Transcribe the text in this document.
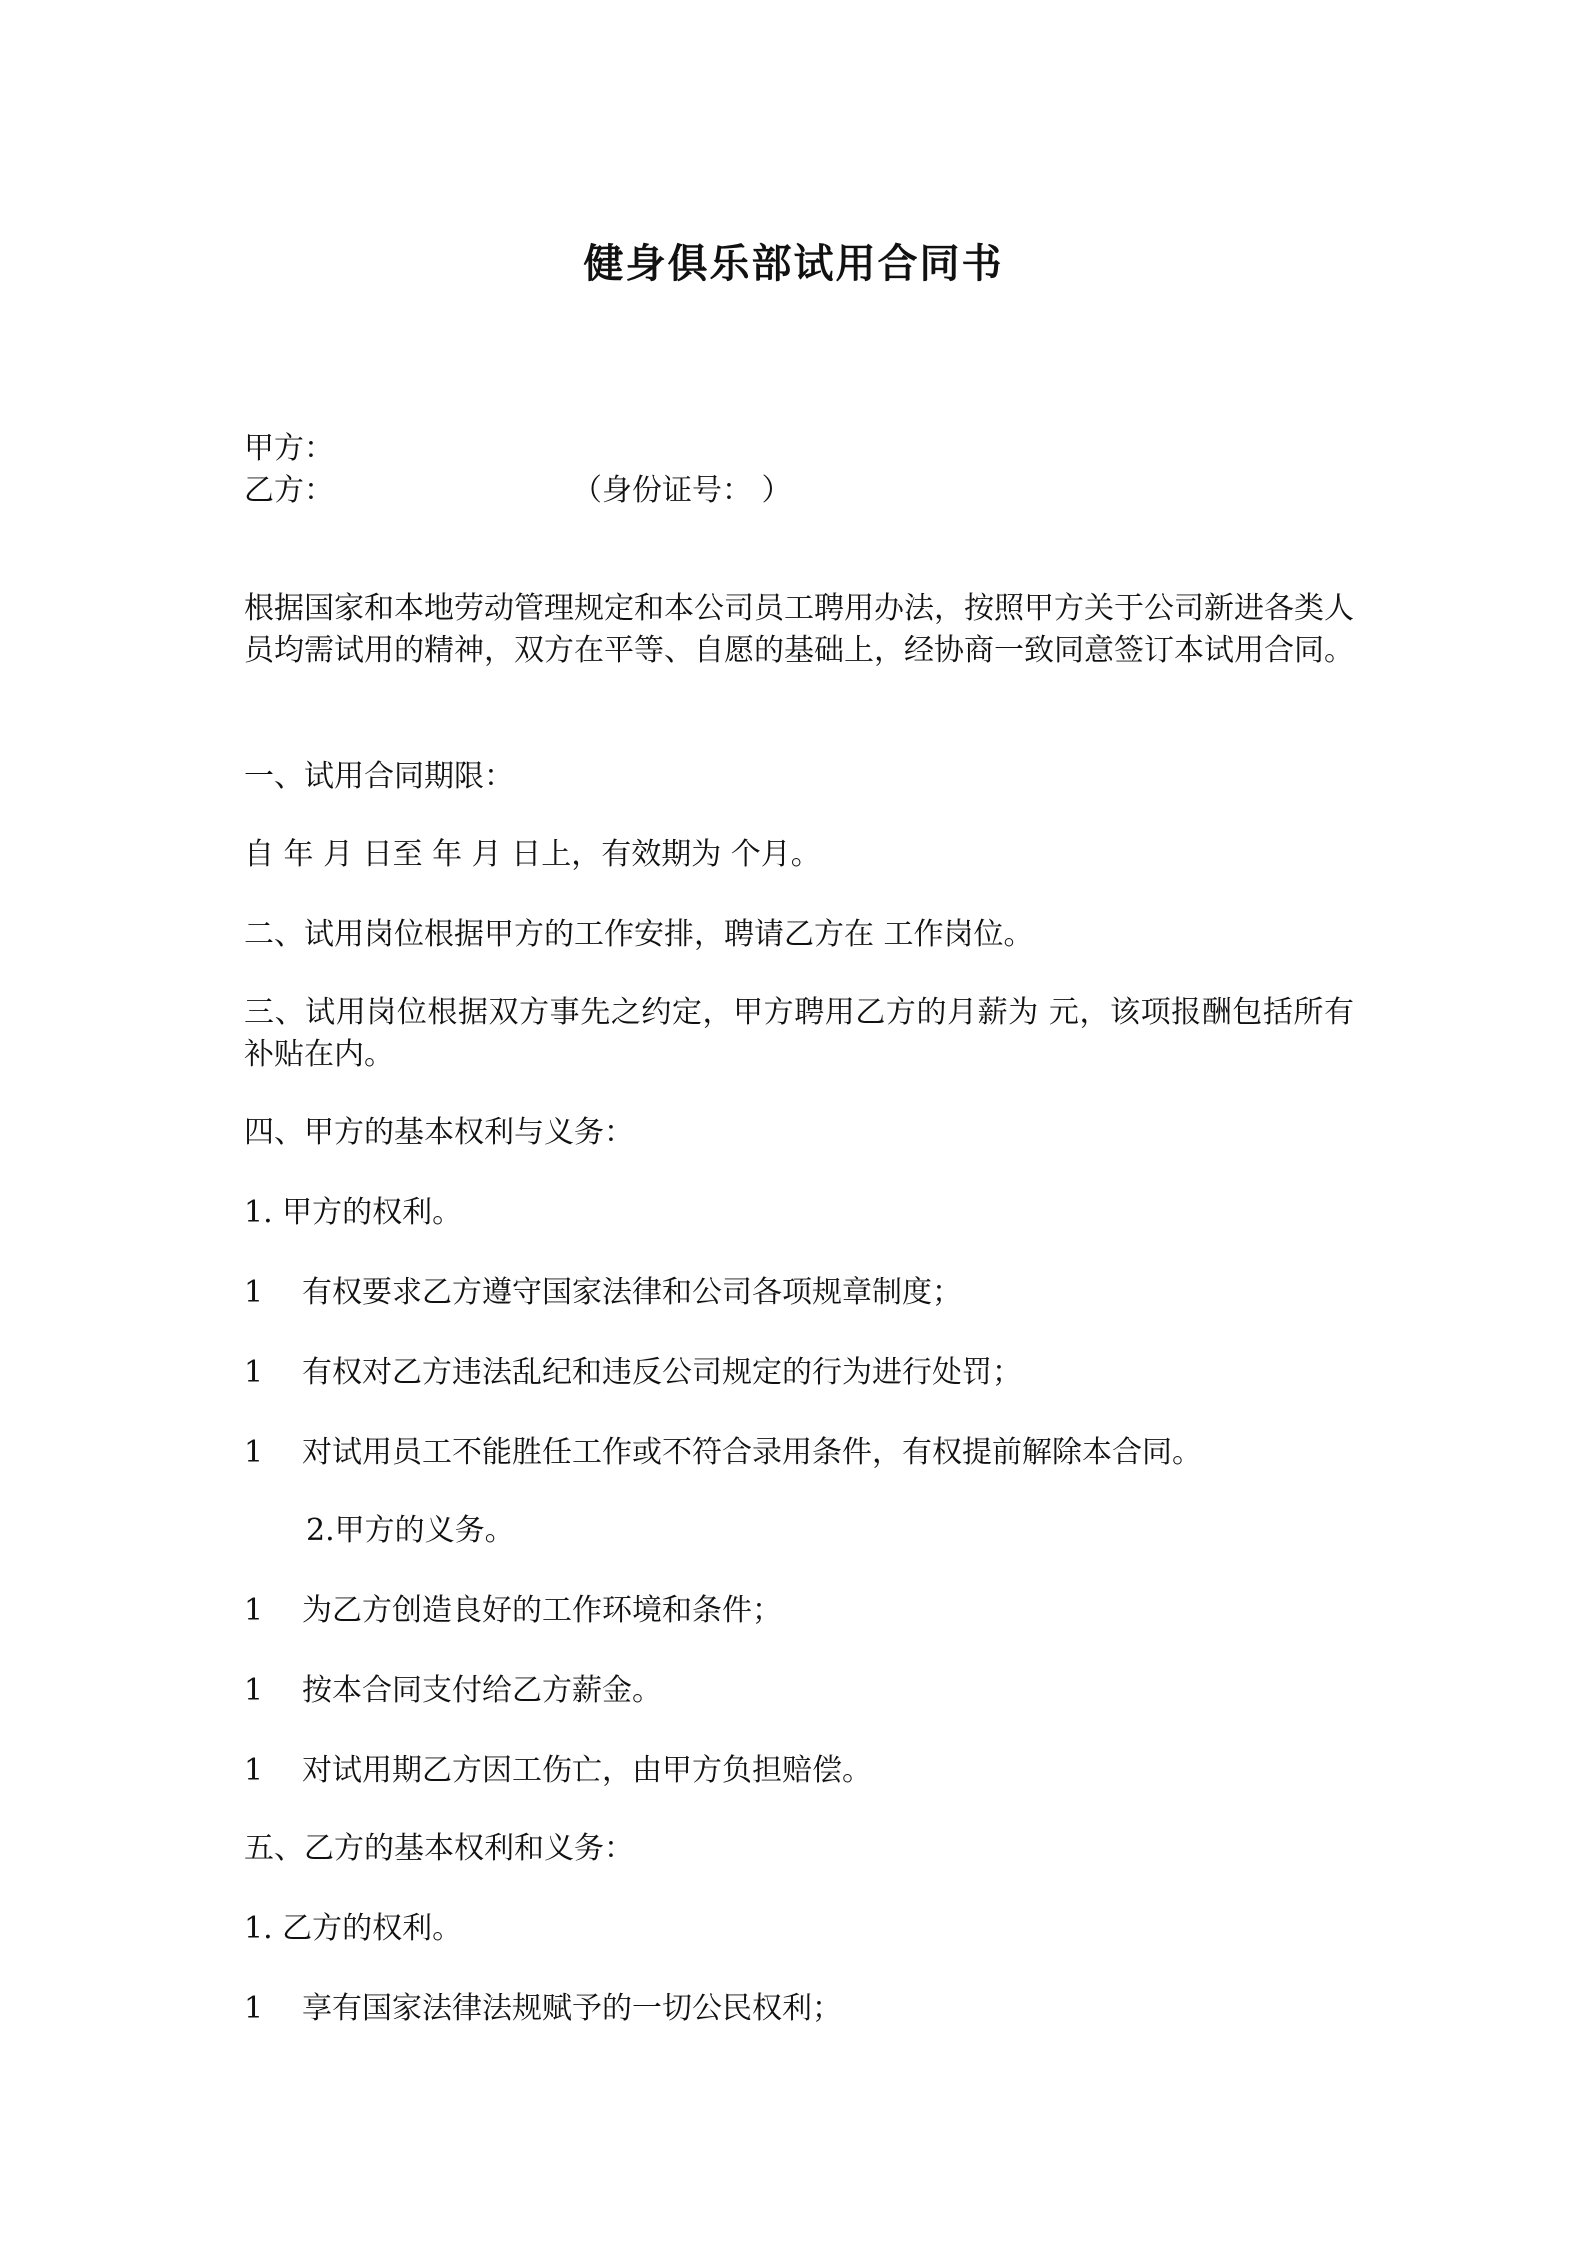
健身俱乐部试用合同书
甲方：
乙方：	（身份证号： ）
根据国家和本地劳动管理规定和本公司员工聘用办法，按照甲方关于公司新进各类人员均需试用的精神，双方在平等、自愿的基础上，经协商一致同意签订本试用合同。
一、试用合同期限：
自 年 月 日至 年 月 日上，有效期为 个月。
二、试用岗位根据甲方的工作安排，聘请乙方在 工作岗位。
三、试用岗位根据双方事先之约定，甲方聘用乙方的月薪为 元，该项报酬包括所有补贴在内。
四、甲方的基本权利与义务：
1. 甲方的权利。
1 有权要求乙方遵守国家法律和公司各项规章制度；
1 有权对乙方违法乱纪和违反公司规定的行为进行处罚；
1 对试用员工不能胜任工作或不符合录用条件，有权提前解除本合同。
2.甲方的义务。
1 为乙方创造良好的工作环境和条件；
1 按本合同支付给乙方薪金。
1 对试用期乙方因工伤亡，由甲方负担赔偿。
五、乙方的基本权利和义务：
1. 乙方的权利。
1 享有国家法律法规赋予的一切公民权利；
